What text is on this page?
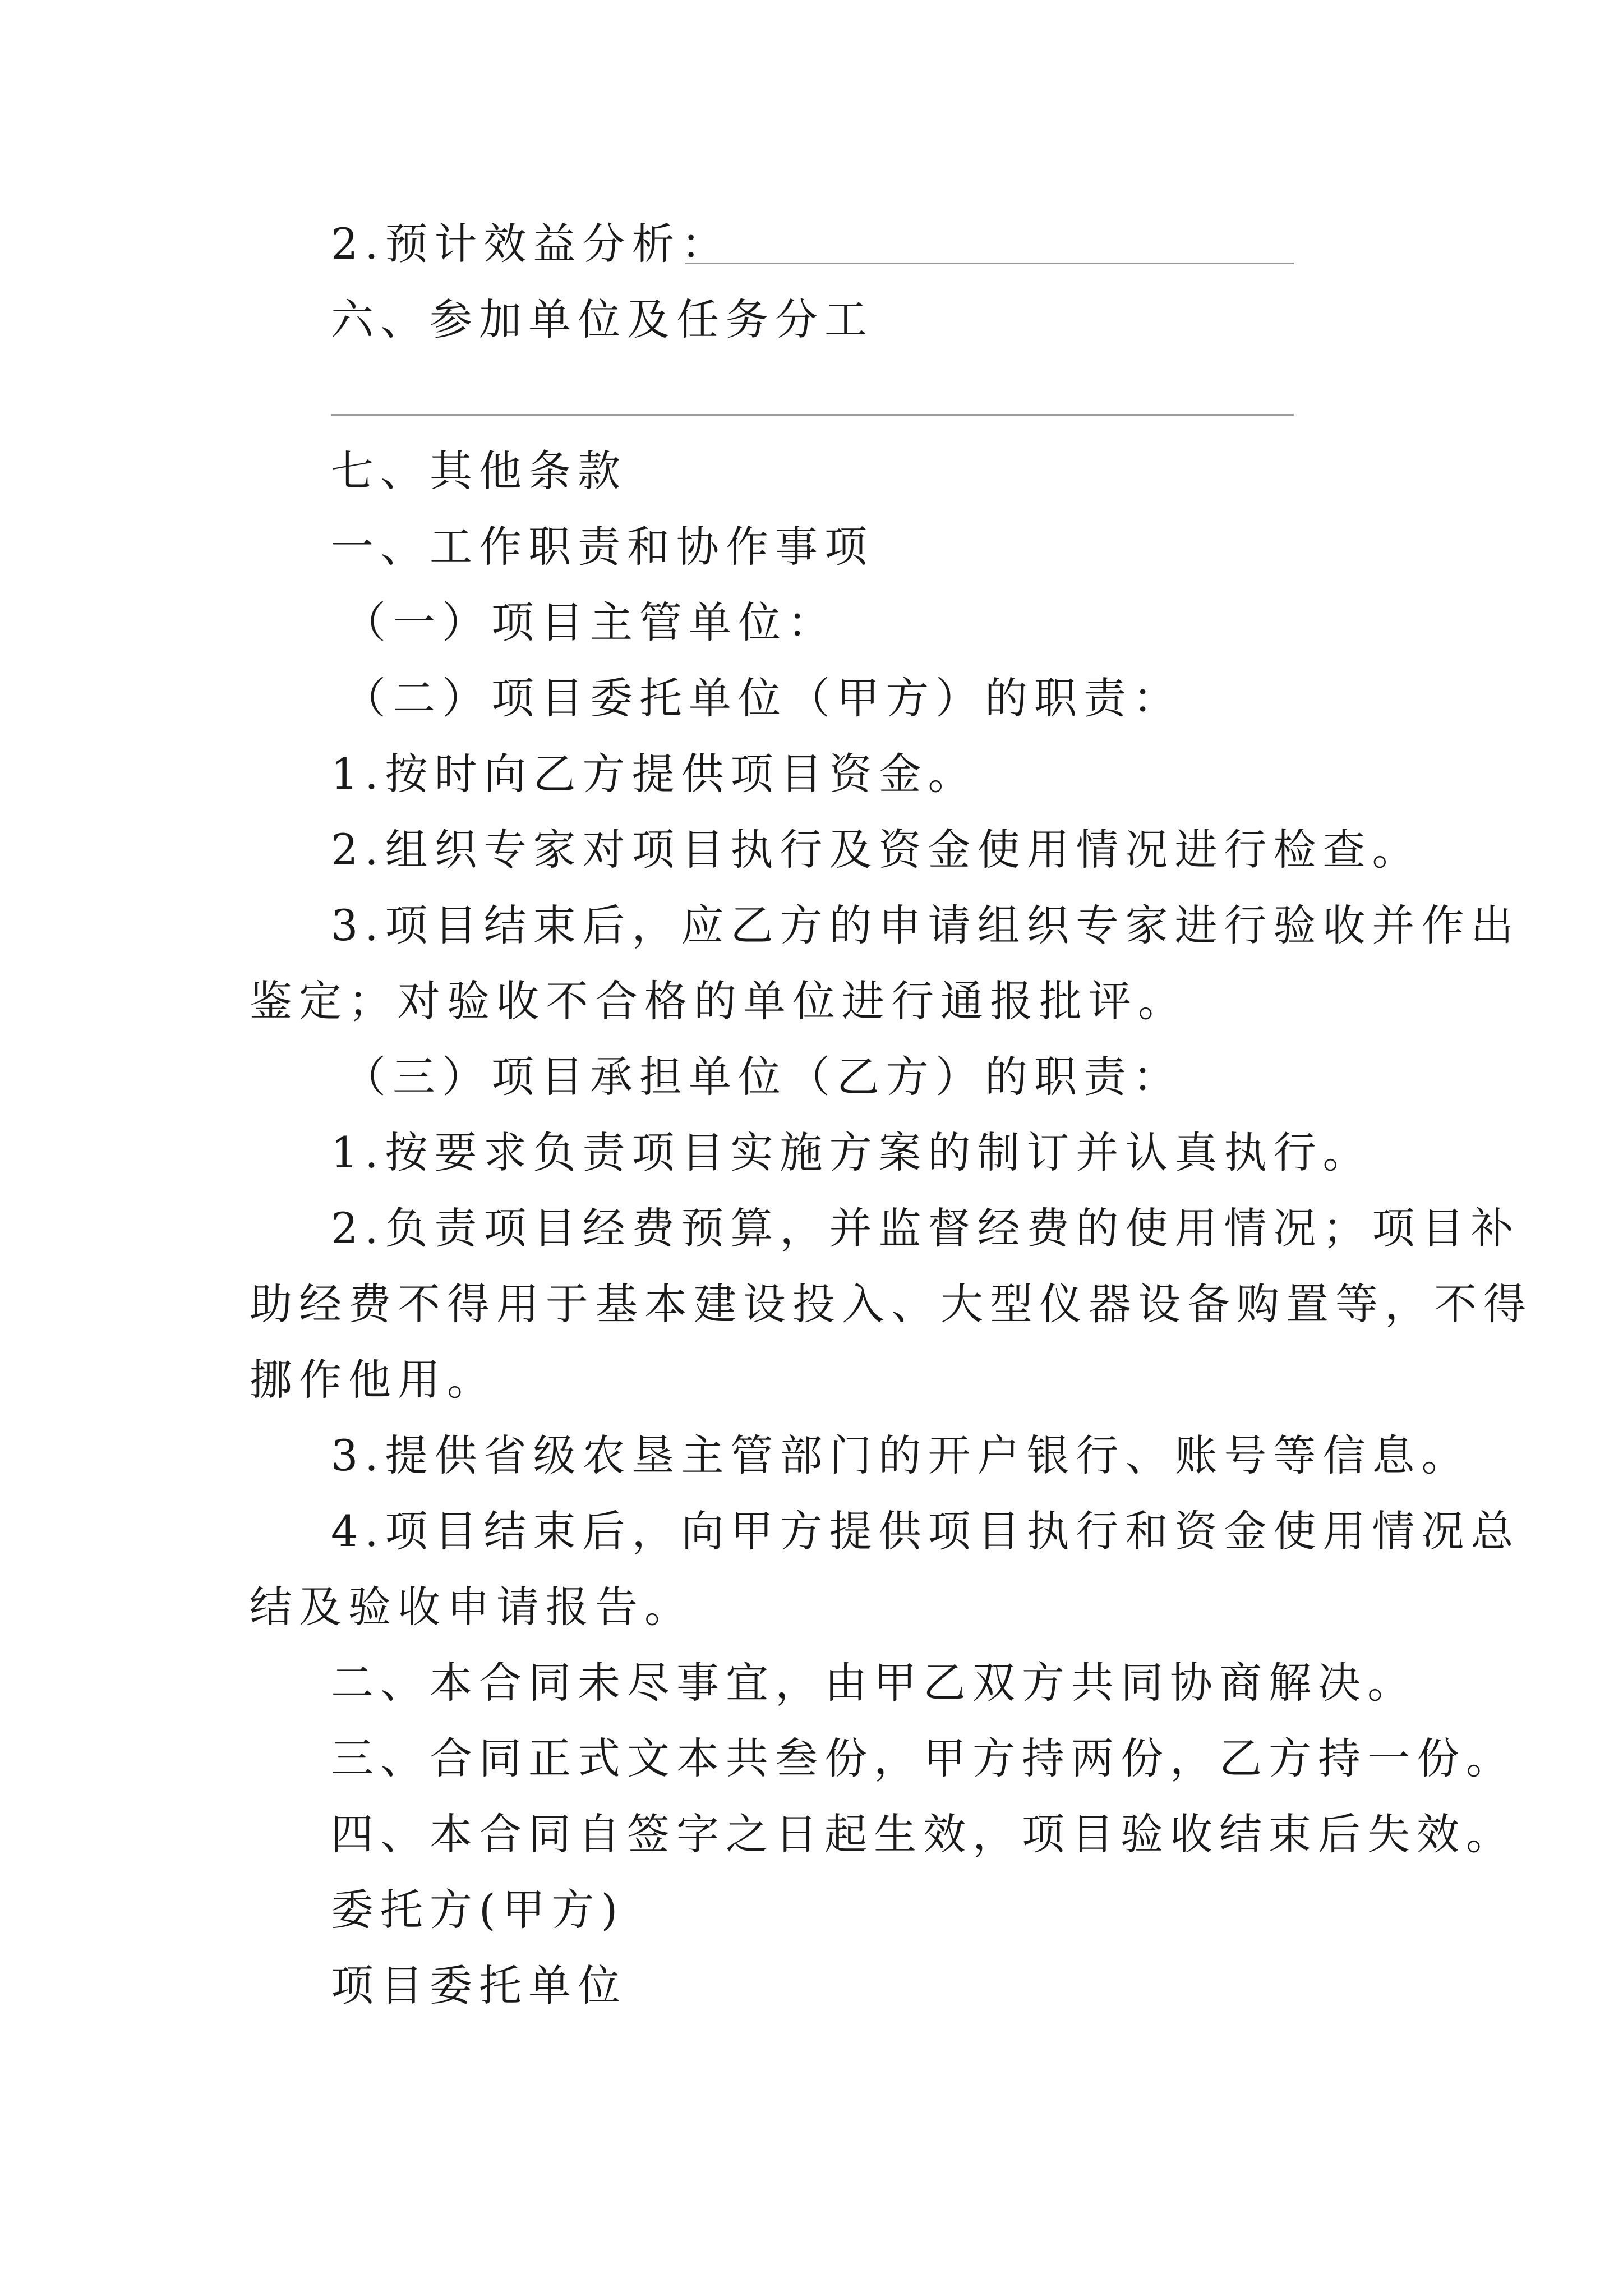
2.预计效益分析：
六、参加单位及任务分工
七、其他条款
一、工作职责和协作事项
（一）项目主管单位：
（二）项目委托单位（甲方）的职责：
1.按时向乙方提供项目资金。
2.组织专家对项目执行及资金使用情况进行检查。
3.项目结束后，应乙方的申请组织专家进行验收并作出
鉴定；对验收不合格的单位进行通报批评。
（三）项目承担单位（乙方）的职责：
1.按要求负责项目实施方案的制订并认真执行。
2.负责项目经费预算，并监督经费的使用情况；项目补
助经费不得用于基本建设投入、大型仪器设备购置等，不得
挪作他用。
3.提供省级农垦主管部门的开户银行、账号等信息。
4.项目结束后，向甲方提供项目执行和资金使用情况总
结及验收申请报告。
二、本合同未尽事宜，由甲乙双方共同协商解决。
三、合同正式文本共叁份，甲方持两份，乙方持一份。
四、本合同自签字之日起生效，项目验收结束后失效。
委托方(甲方)
项目委托单位
